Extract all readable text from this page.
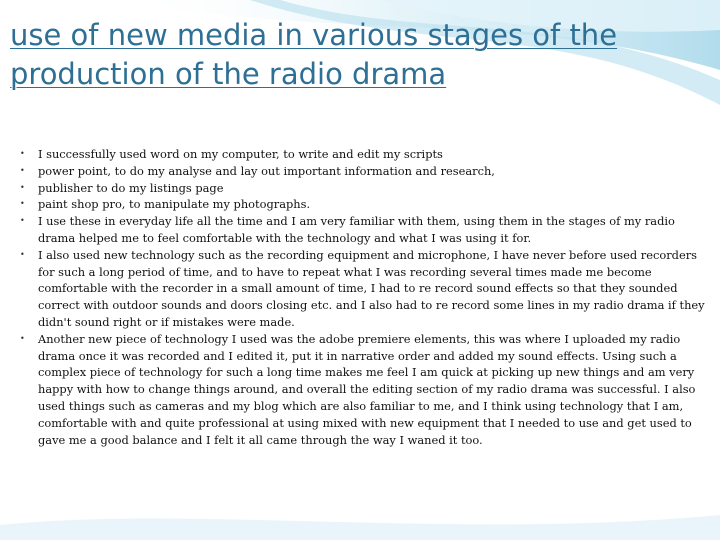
use of new media in various stages of the
production of the radio drama
• I successfully used word on my computer, to write and edit my scripts
• power point, to do my analyse and lay out important information and research,
• publisher to do my listings page
• paint shop pro, to manipulate my photographs.
• I use these in everyday life all the time and I am very familiar with them, using them in the stages of my radio drama helped me to feel comfortable with the technology and what I was using it for.
• I also used new technology such as the recording equipment and microphone, I have never before used recorders for such a long period of time, and to have to repeat what I was recording several times made me become comfortable with the recorder in a small amount of time, I had to re record sound effects so that they sounded correct with outdoor sounds and doors closing etc. and I also had to re record some lines in my radio drama if they didn't sound right or if mistakes were made.
• Another new piece of technology I used was the adobe premiere elements, this was where I uploaded my radio drama once it was recorded and I edited it, put it in narrative order and added my sound effects. Using such a complex piece of technology for such a long time makes me feel I am quick at picking up new things and am very happy with how to change things around, and overall the editing section of my radio drama was successful. I also used things such as cameras and my blog which are also familiar to me, and I think using technology that I am, comfortable with and quite professional at using mixed with new equipment that I needed to use and get used to gave me a good balance and I felt it all came through the way I waned it too.
